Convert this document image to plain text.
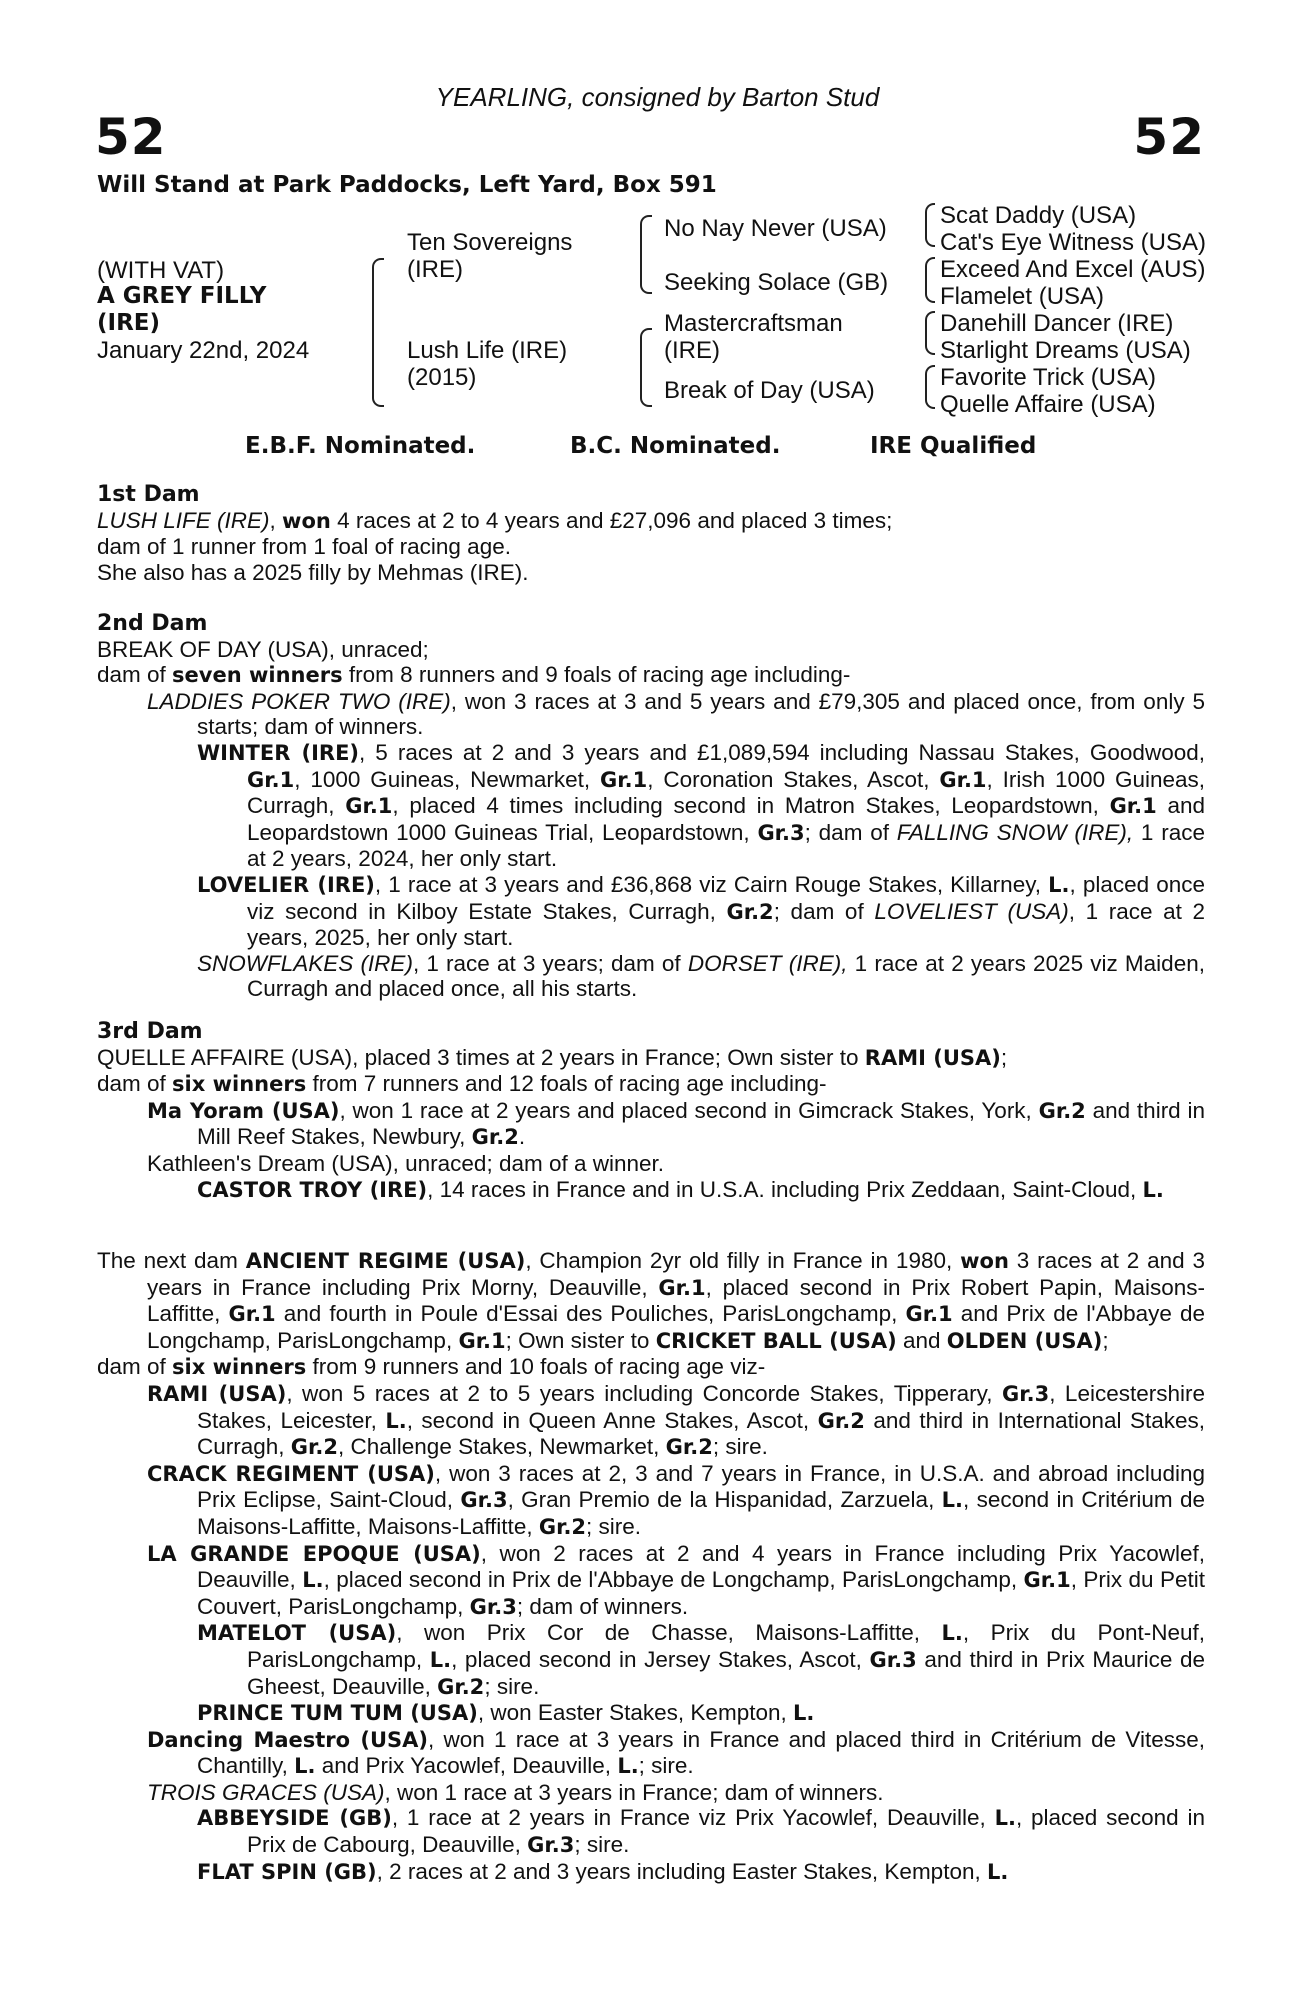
YEARLING, consigned by Barton Stud
52	52
Will Stand at Park Paddocks, Left Yard, Box 591
(WITH VAT)
A GREY FILLY
(IRE)
January 22nd, 2024
Ten Sovereigns
(IRE)
Lush Life (IRE)
(2015)
No Nay Never (USA)
Seeking Solace (GB)
Mastercraftsman
(IRE)
Break of Day (USA)
Scat Daddy (USA)
Cat's Eye Witness (USA)
Exceed And Excel (AUS)
Flamelet (USA)
Danehill Dancer (IRE)
Starlight Dreams (USA)
Favorite Trick (USA)
Quelle Affaire (USA)
E.B.F. Nominated.	B.C. Nominated.	IRE Qualified

1st Dam

LUSH LIFE (IRE), won 4 races at 2 to 4 years and £27,096 and placed 3 times;

dam of 1 runner from 1 foal of racing age.

She also has a 2025 filly by Mehmas (IRE).

2nd Dam

BREAK OF DAY (USA), unraced;

dam of seven winners from 8 runners and 9 foals of racing age including-

LADDIES POKER TWO (IRE), won 3 races at 3 and 5 years and £79,305 and placed once, from only 5 starts; dam of winners.

WINTER (IRE), 5 races at 2 and 3 years and £1,089,594 including Nassau Stakes, Goodwood, Gr.1, 1000 Guineas, Newmarket, Gr.1, Coronation Stakes, Ascot, Gr.1, Irish 1000 Guineas, Curragh, Gr.1, placed 4 times including second in Matron Stakes, Leopardstown, Gr.1 and Leopardstown 1000 Guineas Trial, Leopardstown, Gr.3; dam of FALLING SNOW (IRE), 1 race at 2 years, 2024, her only start.

LOVELIER (IRE), 1 race at 3 years and £36,868 viz Cairn Rouge Stakes, Killarney, L., placed once viz second in Kilboy Estate Stakes, Curragh, Gr.2; dam of LOVELIEST (USA), 1 race at 2 years, 2025, her only start.

SNOWFLAKES (IRE), 1 race at 3 years; dam of DORSET (IRE), 1 race at 2 years 2025 viz Maiden, Curragh and placed once, all his starts.

3rd Dam

QUELLE AFFAIRE (USA), placed 3 times at 2 years in France; Own sister to RAMI (USA);

dam of six winners from 7 runners and 12 foals of racing age including-

Ma Yoram (USA), won 1 race at 2 years and placed second in Gimcrack Stakes, York, Gr.2 and third in Mill Reef Stakes, Newbury, Gr.2.

Kathleen's Dream (USA), unraced; dam of a winner.

CASTOR TROY (IRE), 14 races in France and in U.S.A. including Prix Zeddaan, Saint-Cloud, L.

The next dam ANCIENT REGIME (USA), Champion 2yr old filly in France in 1980, won 3 races at 2 and 3 years in France including Prix Morny, Deauville, Gr.1, placed second in Prix Robert Papin, Maisons-Laffitte, Gr.1 and fourth in Poule d'Essai des Pouliches, ParisLongchamp, Gr.1 and Prix de l'Abbaye de Longchamp, ParisLongchamp, Gr.1; Own sister to CRICKET BALL (USA) and OLDEN (USA);

dam of six winners from 9 runners and 10 foals of racing age viz-

RAMI (USA), won 5 races at 2 to 5 years including Concorde Stakes, Tipperary, Gr.3, Leicestershire Stakes, Leicester, L., second in Queen Anne Stakes, Ascot, Gr.2 and third in International Stakes, Curragh, Gr.2, Challenge Stakes, Newmarket, Gr.2; sire.

CRACK REGIMENT (USA), won 3 races at 2, 3 and 7 years in France, in U.S.A. and abroad including Prix Eclipse, Saint-Cloud, Gr.3, Gran Premio de la Hispanidad, Zarzuela, L., second in Critérium de Maisons-Laffitte, Maisons-Laffitte, Gr.2; sire.

LA GRANDE EPOQUE (USA), won 2 races at 2 and 4 years in France including Prix Yacowlef, Deauville, L., placed second in Prix de l'Abbaye de Longchamp, ParisLongchamp, Gr.1, Prix du Petit Couvert, ParisLongchamp, Gr.3; dam of winners.

MATELOT (USA), won Prix Cor de Chasse, Maisons-Laffitte, L., Prix du Pont-Neuf, ParisLongchamp, L., placed second in Jersey Stakes, Ascot, Gr.3 and third in Prix Maurice de Gheest, Deauville, Gr.2; sire.

PRINCE TUM TUM (USA), won Easter Stakes, Kempton, L.

Dancing Maestro (USA), won 1 race at 3 years in France and placed third in Critérium de Vitesse, Chantilly, L. and Prix Yacowlef, Deauville, L.; sire.

TROIS GRACES (USA), won 1 race at 3 years in France; dam of winners.

ABBEYSIDE (GB), 1 race at 2 years in France viz Prix Yacowlef, Deauville, L., placed second in Prix de Cabourg, Deauville, Gr.3; sire.

FLAT SPIN (GB), 2 races at 2 and 3 years including Easter Stakes, Kempton, L.
